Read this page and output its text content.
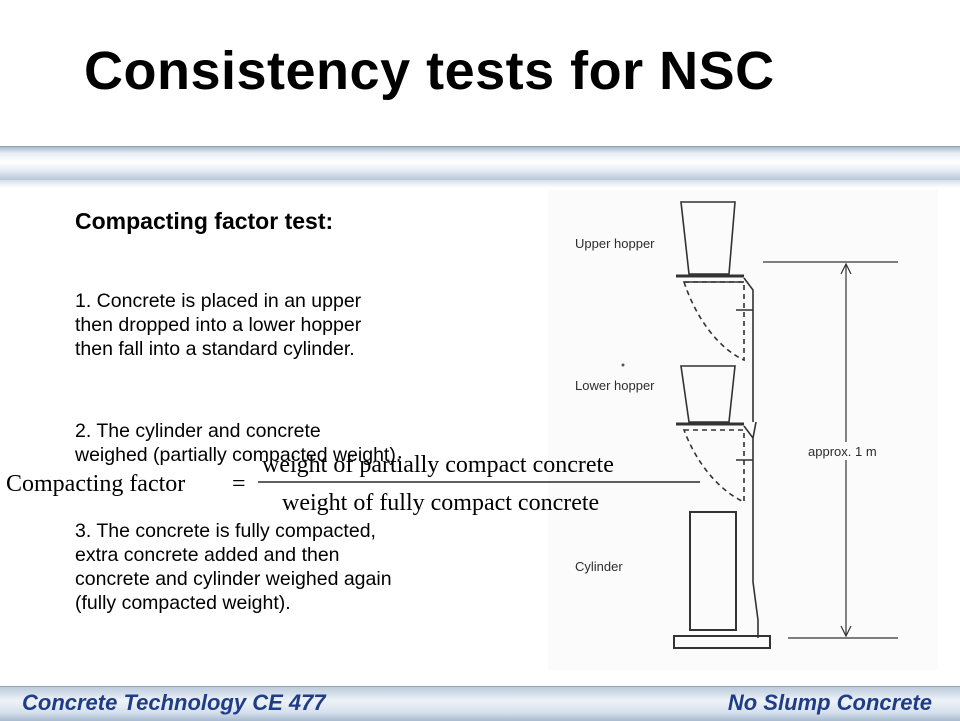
Consistency tests for NSC
Compacting factor test:
1. Concrete is placed in an upper
then dropped into a lower hopper
then fall into a standard cylinder.
2. The cylinder and concrete
weighed (partially compacted weight).
3. The concrete is fully compacted,
extra concrete added and then
concrete and cylinder weighed again
(fully compacted weight).
Upper hopper
Lower hopper
Cylinder
approx. 1 m
Compacting factor =
weight of partially compact concrete
weight of fully compact concrete
Concrete Technology CE 477	No Slump Concrete
